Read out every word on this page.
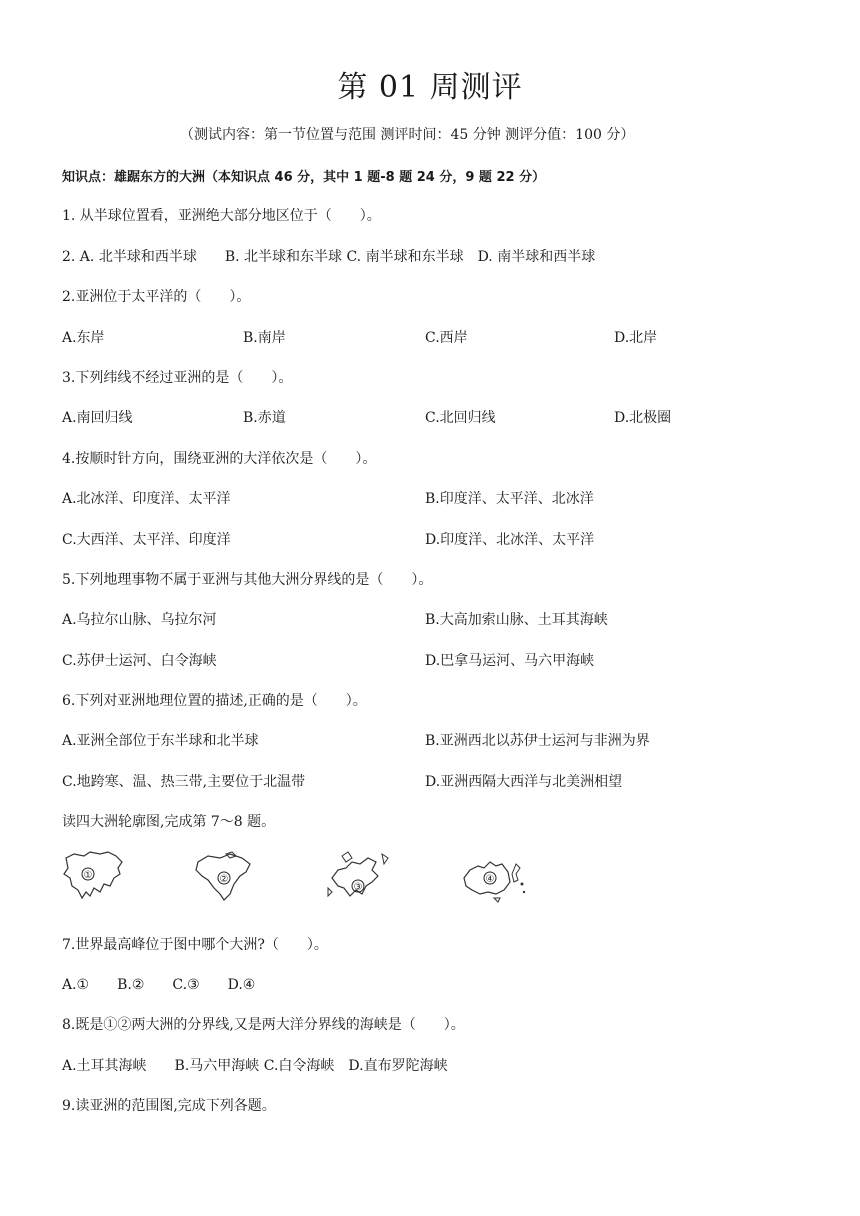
第 01 周测评
（测试内容：第一节位置与范围 测评时间：45 分钟 测评分值：100 分）
知识点：雄踞东方的大洲（本知识点 46 分，其中 1 题-8 题 24 分，9 题 22 分）
1. 从半球位置看，亚洲绝大部分地区位于（　　）。
2. A. 北半球和西半球　　B. 北半球和东半球 C. 南半球和东半球　D. 南半球和西半球
2.亚洲位于太平洋的（　　）。
A.东岸	B.南岸	C.西岸	D.北岸
3.下列纬线不经过亚洲的是（　　）。
A.南回归线	B.赤道	C.北回归线	D.北极圈
4.按顺时针方向，围绕亚洲的大洋依次是（　　）。
A.北冰洋、印度洋、太平洋	B.印度洋、太平洋、北冰洋
C.大西洋、太平洋、印度洋	D.印度洋、北冰洋、太平洋
5.下列地理事物不属于亚洲与其他大洲分界线的是（　　）。
A.乌拉尔山脉、乌拉尔河	B.大高加索山脉、土耳其海峡
C.苏伊士运河、白令海峡	D.巴拿马运河、马六甲海峡
6.下列对亚洲地理位置的描述,正确的是（　　）。
A.亚洲全部位于东半球和北半球	B.亚洲西北以苏伊士运河与非洲为界
C.地跨寒、温、热三带,主要位于北温带	D.亚洲西隔大西洋与北美洲相望
读四大洲轮廓图,完成第 7～8 题。
①	②
③
④
7.世界最高峰位于图中哪个大洲?（　　）。
A.①　　B.②　　C.③　　D.④
8.既是①②两大洲的分界线,又是两大洋分界线的海峡是（　　）。
A.土耳其海峡　　B.马六甲海峡 C.白令海峡　D.直布罗陀海峡
9.读亚洲的范围图,完成下列各题。
